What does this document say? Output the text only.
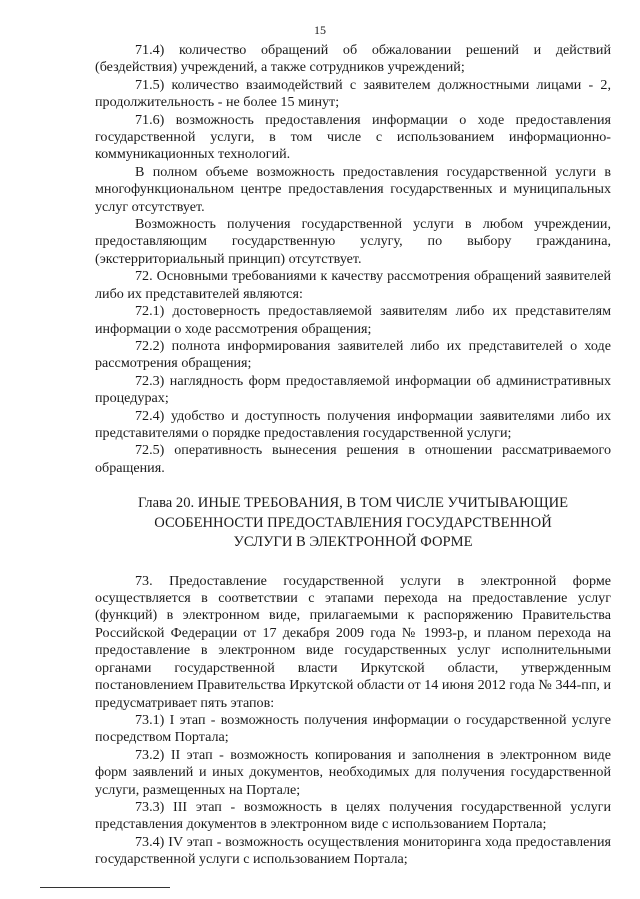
15

71.4) количество обращений об обжаловании решений и действий (бездействия) учреждений, а также сотрудников учреждений;

71.5) количество взаимодействий с заявителем должностными лицами - 2, продолжительность - не более 15 минут;

71.6) возможность предоставления информации о ходе предоставления государственной услуги, в том числе с использованием информационно-коммуникационных технологий.

В полном объеме возможность предоставления государственной услуги в многофункциональном центре предоставления государственных и муниципальных услуг отсутствует.

Возможность получения государственной услуги в любом учреждении, предоставляющим государственную услугу, по выбору гражданина, (экстерриториальный принцип) отсутствует.

72. Основными требованиями к качеству рассмотрения обращений заявителей либо их представителей являются:

72.1) достоверность предоставляемой заявителям либо их представителям информации о ходе рассмотрения обращения;

72.2) полнота информирования заявителей либо их представителей о ходе рассмотрения обращения;

72.3) наглядность форм предоставляемой информации об административных процедурах;

72.4) удобство и доступность получения информации заявителями либо их представителями о порядке предоставления государственной услуги;

72.5) оперативность вынесения решения в отношении рассматриваемого обращения.

Глава 20. ИНЫЕ ТРЕБОВАНИЯ, В ТОМ ЧИСЛЕ УЧИТЫВАЮЩИЕ

ОСОБЕННОСТИ ПРЕДОСТАВЛЕНИЯ ГОСУДАРСТВЕННОЙ

УСЛУГИ В ЭЛЕКТРОННОЙ ФОРМЕ

73. Предоставление государственной услуги в электронной форме осуществляется в соответствии с этапами перехода на предоставление услуг (функций) в электронном виде, прилагаемыми к распоряжению Правительства Российской Федерации от 17 декабря 2009 года № 1993-р, и планом перехода на предоставление в электронном виде государственных услуг исполнительными органами государственной власти Иркутской области, утвержденным постановлением Правительства Иркутской области от 14 июня 2012 года № 344-пп, и предусматривает пять этапов:

73.1) I этап - возможность получения информации о государственной услуге посредством Портала;

73.2) II этап - возможность копирования и заполнения в электронном виде форм заявлений и иных документов, необходимых для получения государственной услуги, размещенных на Портале;

73.3) III этап - возможность в целях получения государственной услуги представления документов в электронном виде с использованием Портала;

73.4) IV этап - возможность осуществления мониторинга хода предоставления государственной услуги с использованием Портала;
